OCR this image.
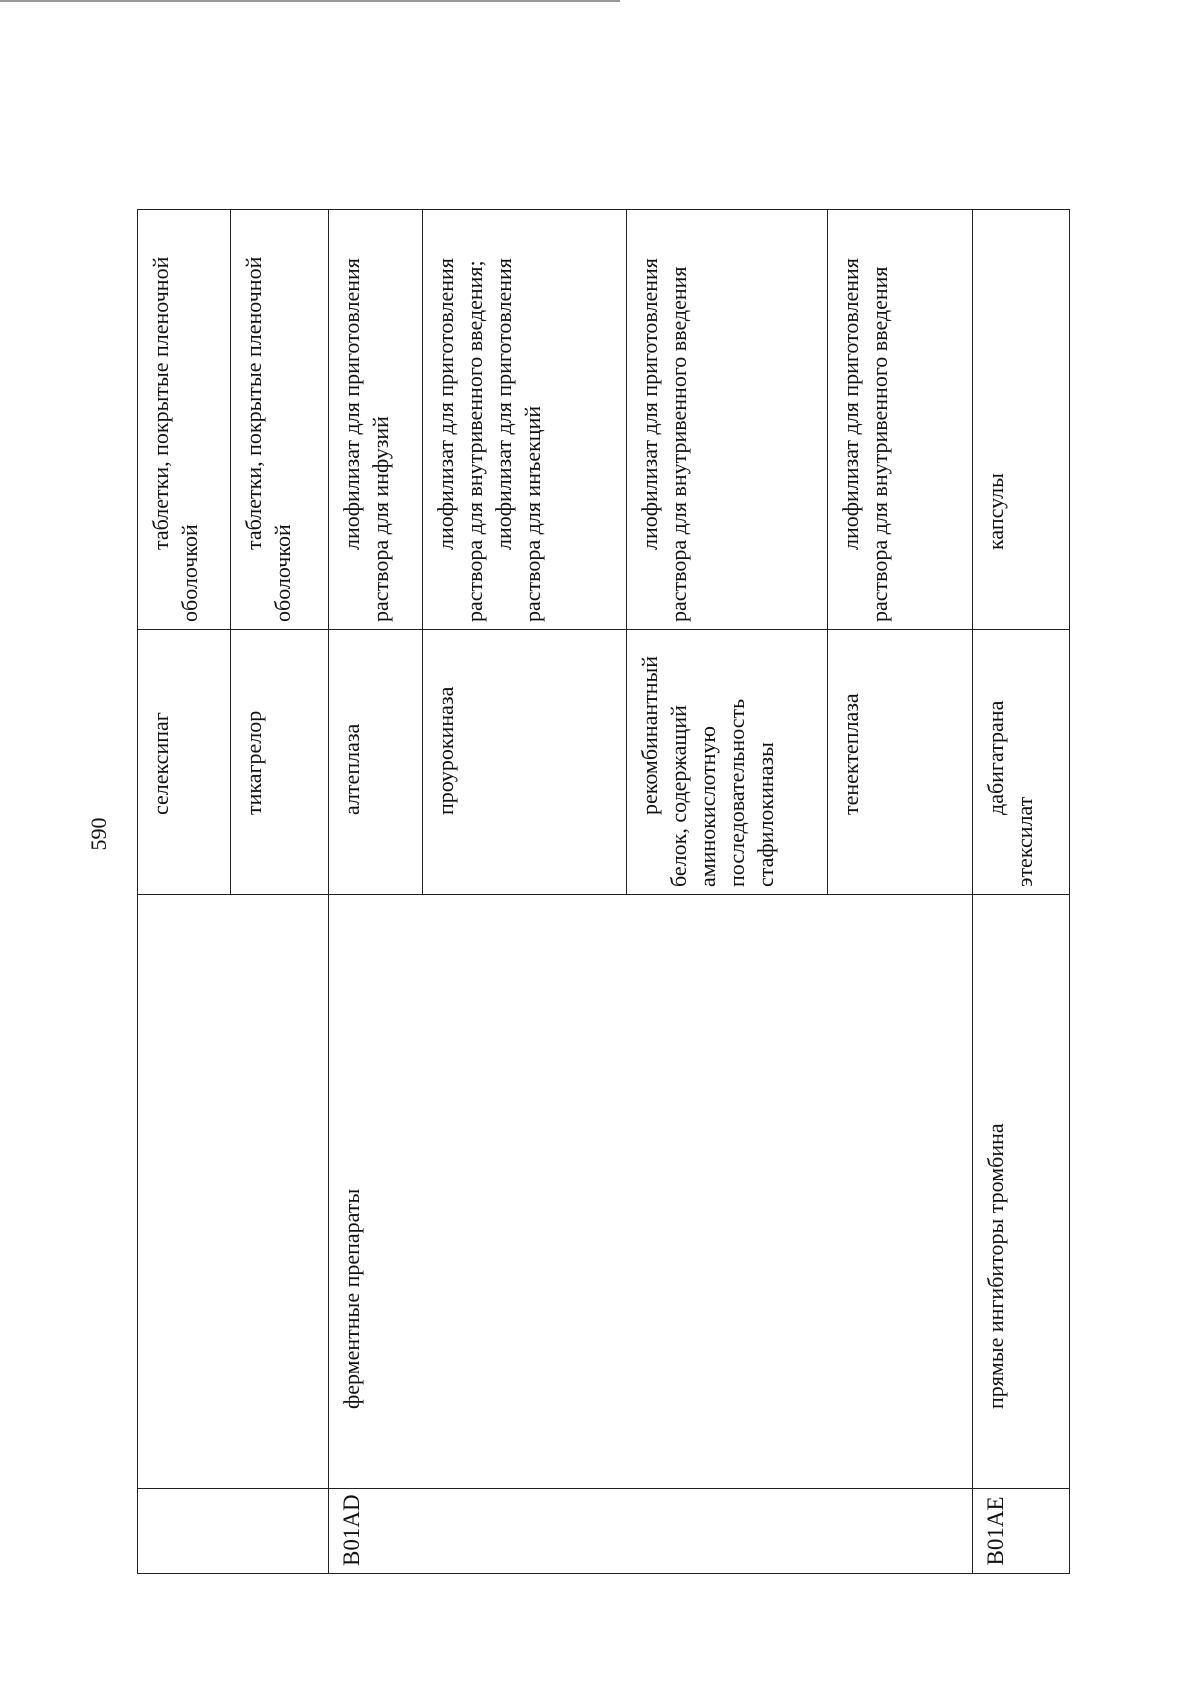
590
		селексипаг	таблетки, покрытые пленочной оболочкой

		тикагрелор	таблетки, покрытые пленочной оболочкой

B01AD	ферментные препараты	алтеплаза	лиофилизат для приготовления раствора для инфузий

		проурокиназа	лиофилизат для приготовления раствора для внутривенного введения; лиофилизат для приготовления раствора для инъекций

		рекомбинантный белок, содержащий аминокислотную последовательность стафилокиназы	лиофилизат для приготовления раствора для внутривенного введения

		тенектеплаза	лиофилизат для приготовления раствора для внутривенного введения

B01AE	прямые ингибиторы тромбина	дабигатрана этексилат	капсулы
